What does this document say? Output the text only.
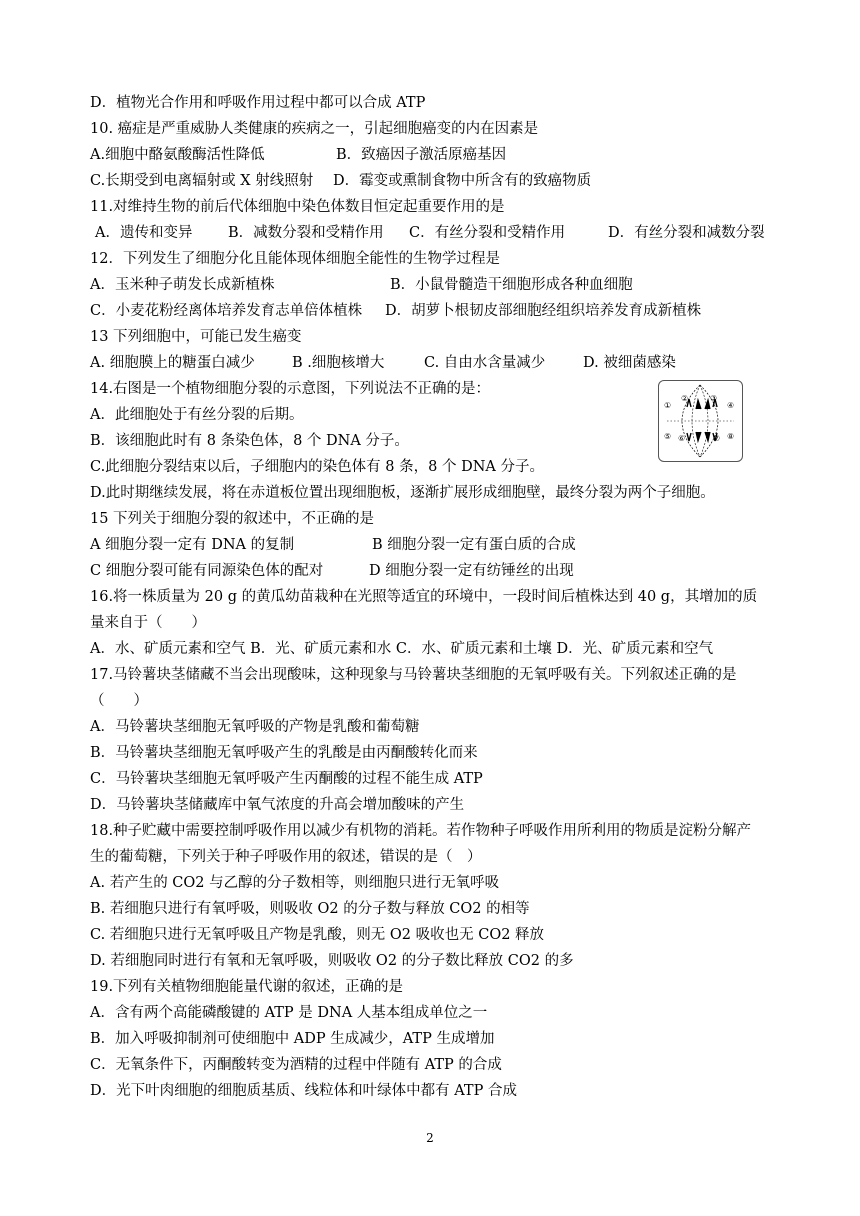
D．植物光合作用和呼吸作用过程中都可以合成 ATP
10. 癌症是严重威胁人类健康的疾病之一，引起细胞癌变的内在因素是
A.细胞中酪氨酸酶活性降低	B．致癌因子激活原癌基因
C.长期受到电离辐射或 X 射线照射 D．霉变或熏制食物中所含有的致癌物质
11.对维持生物的前后代体细胞中染色体数目恒定起重要作用的是
A．遗传和变异 B．减数分裂和受精作用 C．有丝分裂和受精作用	D．有丝分裂和减数分裂
12．下列发生了细胞分化且能体现体细胞全能性的生物学过程是
A．玉米种子萌发长成新植株	B．小鼠骨髓造干细胞形成各种血细胞
C．小麦花粉经离体培养发育志单倍体植株 D．胡萝卜根韧皮部细胞经组织培养发育成新植株
13 下列细胞中，可能已发生癌变
A. 细胞膜上的糖蛋白减少	B .细胞核增大	C. 自由水含量减少	D. 被细菌感染
14.右图是一个植物细胞分裂的示意图，下列说法不正确的是：
A．此细胞处于有丝分裂的后期。
B．该细胞此时有 8 条染色体，8 个 DNA 分子。
C.此细胞分裂结束以后，子细胞内的染色体有 8 条，8 个 DNA 分子。
D.此时期继续发展，将在赤道板位置出现细胞板，逐渐扩展形成细胞壁，最终分裂为两个子细胞。
①
②	③
④
⑤ ⑥	⑦ ⑧
15 下列关于细胞分裂的叙述中，不正确的是
A 细胞分裂一定有 DNA 的复制	B 细胞分裂一定有蛋白质的合成
C 细胞分裂可能有同源染色体的配对	D 细胞分裂一定有纺锤丝的出现
16.将一株质量为 20 g 的黄瓜幼苗栽种在光照等适宜的环境中，一段时间后植株达到 40 g，其增加的质
量来自于（　　）
A．水、矿质元素和空气 B．光、矿质元素和水 C．水、矿质元素和土壤 D．光、矿质元素和空气
17.马铃薯块茎储藏不当会出现酸味，这种现象与马铃薯块茎细胞的无氧呼吸有关。下列叙述正确的是
（　　）
A．马铃薯块茎细胞无氧呼吸的产物是乳酸和葡萄糖
B．马铃薯块茎细胞无氧呼吸产生的乳酸是由丙酮酸转化而来
C．马铃薯块茎细胞无氧呼吸产生丙酮酸的过程不能生成 ATP
D．马铃薯块茎储藏库中氧气浓度的升高会增加酸味的产生
18.种子贮藏中需要控制呼吸作用以减少有机物的消耗。若作物种子呼吸作用所利用的物质是淀粉分解产
生的葡萄糖，下列关于种子呼吸作用的叙述，错误的是（　）
A. 若产生的 CO2 与乙醇的分子数相等，则细胞只进行无氧呼吸
B. 若细胞只进行有氧呼吸，则吸收 O2 的分子数与释放 CO2 的相等
C. 若细胞只进行无氧呼吸且产物是乳酸，则无 O2 吸收也无 CO2 释放
D. 若细胞同时进行有氧和无氧呼吸，则吸收 O2 的分子数比释放 CO2 的多
19.下列有关植物细胞能量代谢的叙述，正确的是
A．含有两个高能磷酸键的 ATP 是 DNA 人基本组成单位之一
B．加入呼吸抑制剂可使细胞中 ADP 生成减少，ATP 生成增加
C．无氧条件下，丙酮酸转变为酒精的过程中伴随有 ATP 的合成
D．光下叶肉细胞的细胞质基质、线粒体和叶绿体中都有 ATP 合成
2
